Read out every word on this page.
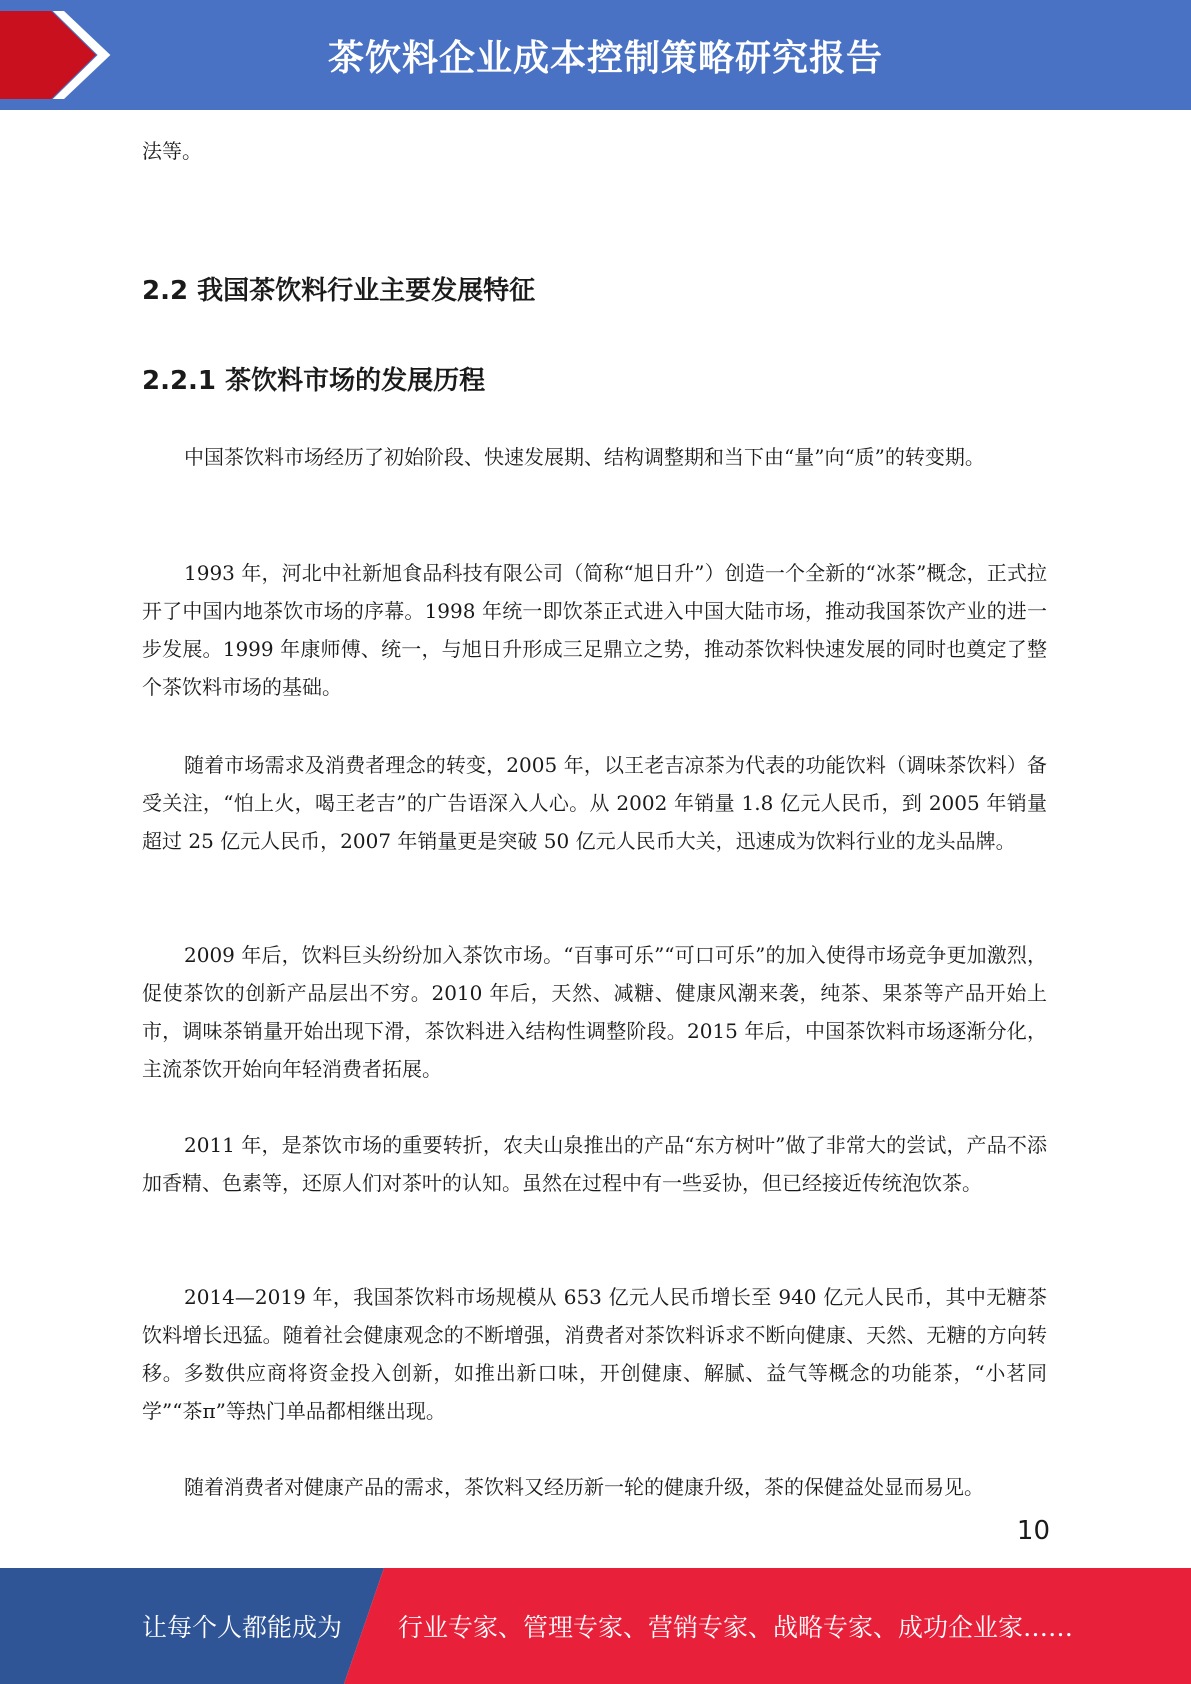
茶饮料企业成本控制策略研究报告

法等。

2.2 我国茶饮料行业主要发展特征
2.2.1 茶饮料市场的发展历程

中国茶饮料市场经历了初始阶段、快速发展期、结构调整期和当下由“量”向“质”的转变期。

1993 年，河北中社新旭食品科技有限公司（简称“旭日升”）创造一个全新的“冰茶”概念，正式拉开了中国内地茶饮市场的序幕。1998 年统一即饮茶正式进入中国大陆市场，推动我国茶饮产业的进一步发展。1999 年康师傅、统一，与旭日升形成三足鼎立之势，推动茶饮料快速发展的同时也奠定了整个茶饮料市场的基础。

随着市场需求及消费者理念的转变，2005 年，以王老吉凉茶为代表的功能饮料（调味茶饮料）备受关注，“怕上火，喝王老吉”的广告语深入人心。从 2002 年销量 1.8 亿元人民币，到 2005 年销量超过 25 亿元人民币，2007 年销量更是突破 50 亿元人民币大关，迅速成为饮料行业的龙头品牌。

2009 年后，饮料巨头纷纷加入茶饮市场。“百事可乐”“可口可乐”的加入使得市场竞争更加激烈，促使茶饮的创新产品层出不穷。2010 年后，天然、减糖、健康风潮来袭，纯茶、果茶等产品开始上市，调味茶销量开始出现下滑，茶饮料进入结构性调整阶段。2015 年后，中国茶饮料市场逐渐分化，主流茶饮开始向年轻消费者拓展。

2011 年，是茶饮市场的重要转折，农夫山泉推出的产品“东方树叶”做了非常大的尝试，产品不添加香精、色素等，还原人们对茶叶的认知。虽然在过程中有一些妥协，但已经接近传统泡饮茶。

2014—2019 年，我国茶饮料市场规模从 653 亿元人民币增长至 940 亿元人民币，其中无糖茶饮料增长迅猛。随着社会健康观念的不断增强，消费者对茶饮料诉求不断向健康、天然、无糖的方向转移。多数供应商将资金投入创新，如推出新口味，开创健康、解腻、益气等概念的功能茶，“小茗同学”“茶π”等热门单品都相继出现。

随着消费者对健康产品的需求，茶饮料又经历新一轮的健康升级，茶的保健益处显而易见。

10
让每个人都能成为 行业专家、管理专家、营销专家、战略专家、成功企业家……
